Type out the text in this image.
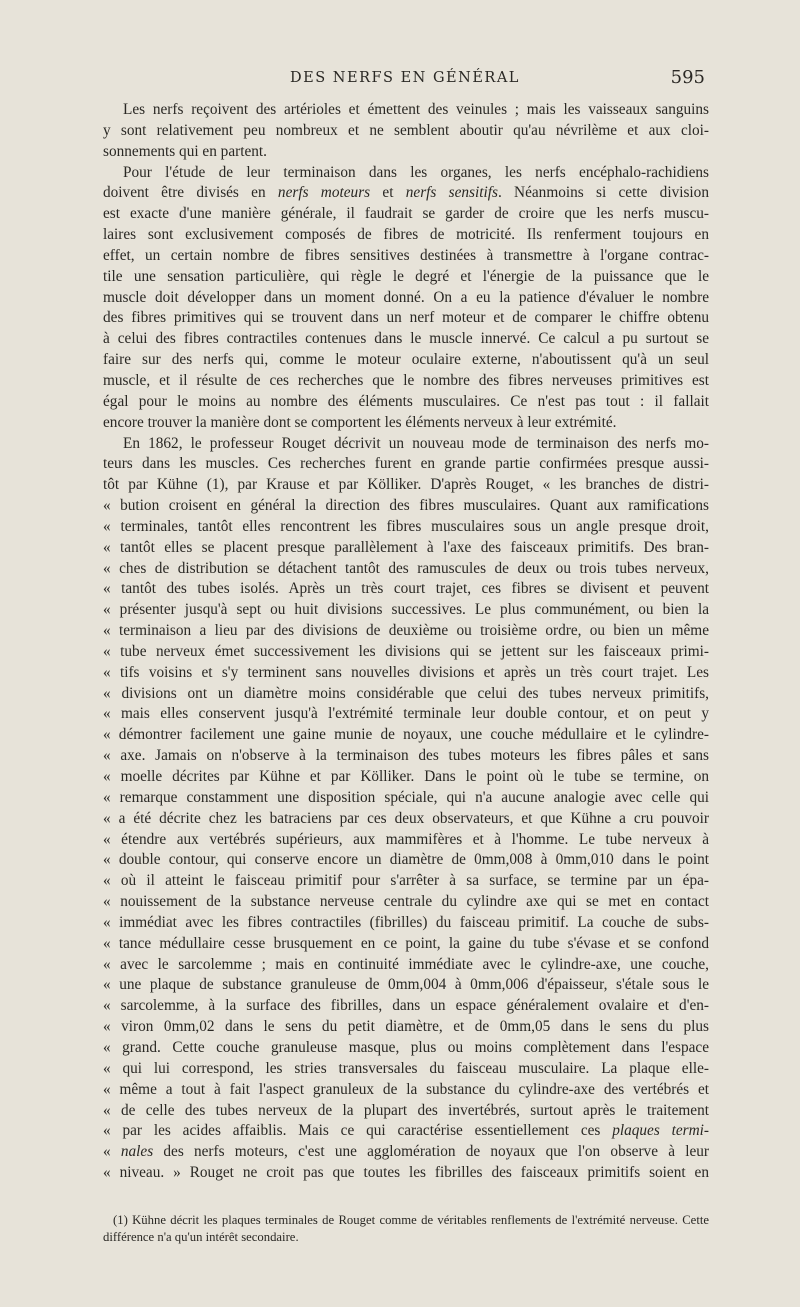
DES NERFS EN GÉNÉRAL	595

Les nerfs reçoivent des artérioles et émettent des veinules ; mais les vaisseaux sanguins
y sont relativement peu nombreux et ne semblent aboutir qu'au névrilème et aux cloi-
sonnements qui en partent.

Pour l'étude de leur terminaison dans les organes, les nerfs encéphalo-rachidiens
doivent être divisés en nerfs moteurs et nerfs sensitifs. Néanmoins si cette division
est exacte d'une manière générale, il faudrait se garder de croire que les nerfs muscu-
laires sont exclusivement composés de fibres de motricité. Ils renferment toujours en
effet, un certain nombre de fibres sensitives destinées à transmettre à l'organe contrac-
tile une sensation particulière, qui règle le degré et l'énergie de la puissance que le
muscle doit développer dans un moment donné. On a eu la patience d'évaluer le nombre
des fibres primitives qui se trouvent dans un nerf moteur et de comparer le chiffre obtenu
à celui des fibres contractiles contenues dans le muscle innervé. Ce calcul a pu surtout se
faire sur des nerfs qui, comme le moteur oculaire externe, n'aboutissent qu'à un seul
muscle, et il résulte de ces recherches que le nombre des fibres nerveuses primitives est
égal pour le moins au nombre des éléments musculaires. Ce n'est pas tout : il fallait
encore trouver la manière dont se comportent les éléments nerveux à leur extrémité.

En 1862, le professeur Rouget décrivit un nouveau mode de terminaison des nerfs mo-
teurs dans les muscles. Ces recherches furent en grande partie confirmées presque aussi-
tôt par Kühne (1), par Krause et par Kölliker. D'après Rouget, « les branches de distri-
« bution croisent en général la direction des fibres musculaires. Quant aux ramifications
« terminales, tantôt elles rencontrent les fibres musculaires sous un angle presque droit,
« tantôt elles se placent presque parallèlement à l'axe des faisceaux primitifs. Des bran-
« ches de distribution se détachent tantôt des ramuscules de deux ou trois tubes nerveux,
« tantôt des tubes isolés. Après un très court trajet, ces fibres se divisent et peuvent
« présenter jusqu'à sept ou huit divisions successives. Le plus communément, ou bien la
« terminaison a lieu par des divisions de deuxième ou troisième ordre, ou bien un même
« tube nerveux émet successivement les divisions qui se jettent sur les faisceaux primi-
« tifs voisins et s'y terminent sans nouvelles divisions et après un très court trajet. Les
« divisions ont un diamètre moins considérable que celui des tubes nerveux primitifs,
« mais elles conservent jusqu'à l'extrémité terminale leur double contour, et on peut y
« démontrer facilement une gaine munie de noyaux, une couche médullaire et le cylindre-
« axe. Jamais on n'observe à la terminaison des tubes moteurs les fibres pâles et sans
« moelle décrites par Kühne et par Kölliker. Dans le point où le tube se termine, on
« remarque constamment une disposition spéciale, qui n'a aucune analogie avec celle qui
« a été décrite chez les batraciens par ces deux observateurs, et que Kühne a cru pouvoir
« étendre aux vertébrés supérieurs, aux mammifères et à l'homme. Le tube nerveux à
« double contour, qui conserve encore un diamètre de 0mm,008 à 0mm,010 dans le point
« où il atteint le faisceau primitif pour s'arrêter à sa surface, se termine par un épa-
« nouissement de la substance nerveuse centrale du cylindre axe qui se met en contact
« immédiat avec les fibres contractiles (fibrilles) du faisceau primitif. La couche de subs-
« tance médullaire cesse brusquement en ce point, la gaine du tube s'évase et se confond
« avec le sarcolemme ; mais en continuité immédiate avec le cylindre-axe, une couche,
« une plaque de substance granuleuse de 0mm,004 à 0mm,006 d'épaisseur, s'étale sous le
« sarcolemme, à la surface des fibrilles, dans un espace généralement ovalaire et d'en-
« viron 0mm,02 dans le sens du petit diamètre, et de 0mm,05 dans le sens du plus
« grand. Cette couche granuleuse masque, plus ou moins complètement dans l'espace
« qui lui correspond, les stries transversales du faisceau musculaire. La plaque elle-
« même a tout à fait l'aspect granuleux de la substance du cylindre-axe des vertébrés et
« de celle des tubes nerveux de la plupart des invertébrés, surtout après le traitement
« par les acides affaiblis. Mais ce qui caractérise essentiellement ces plaques termi-
« nales des nerfs moteurs, c'est une agglomération de noyaux que l'on observe à leur
« niveau. » Rouget ne croit pas que toutes les fibrilles des faisceaux primitifs soient en

(1) Kühne décrit les plaques terminales de Rouget comme de véritables renflements de l'extrémité nerveuse. Cette différence n'a qu'un intérêt secondaire.
